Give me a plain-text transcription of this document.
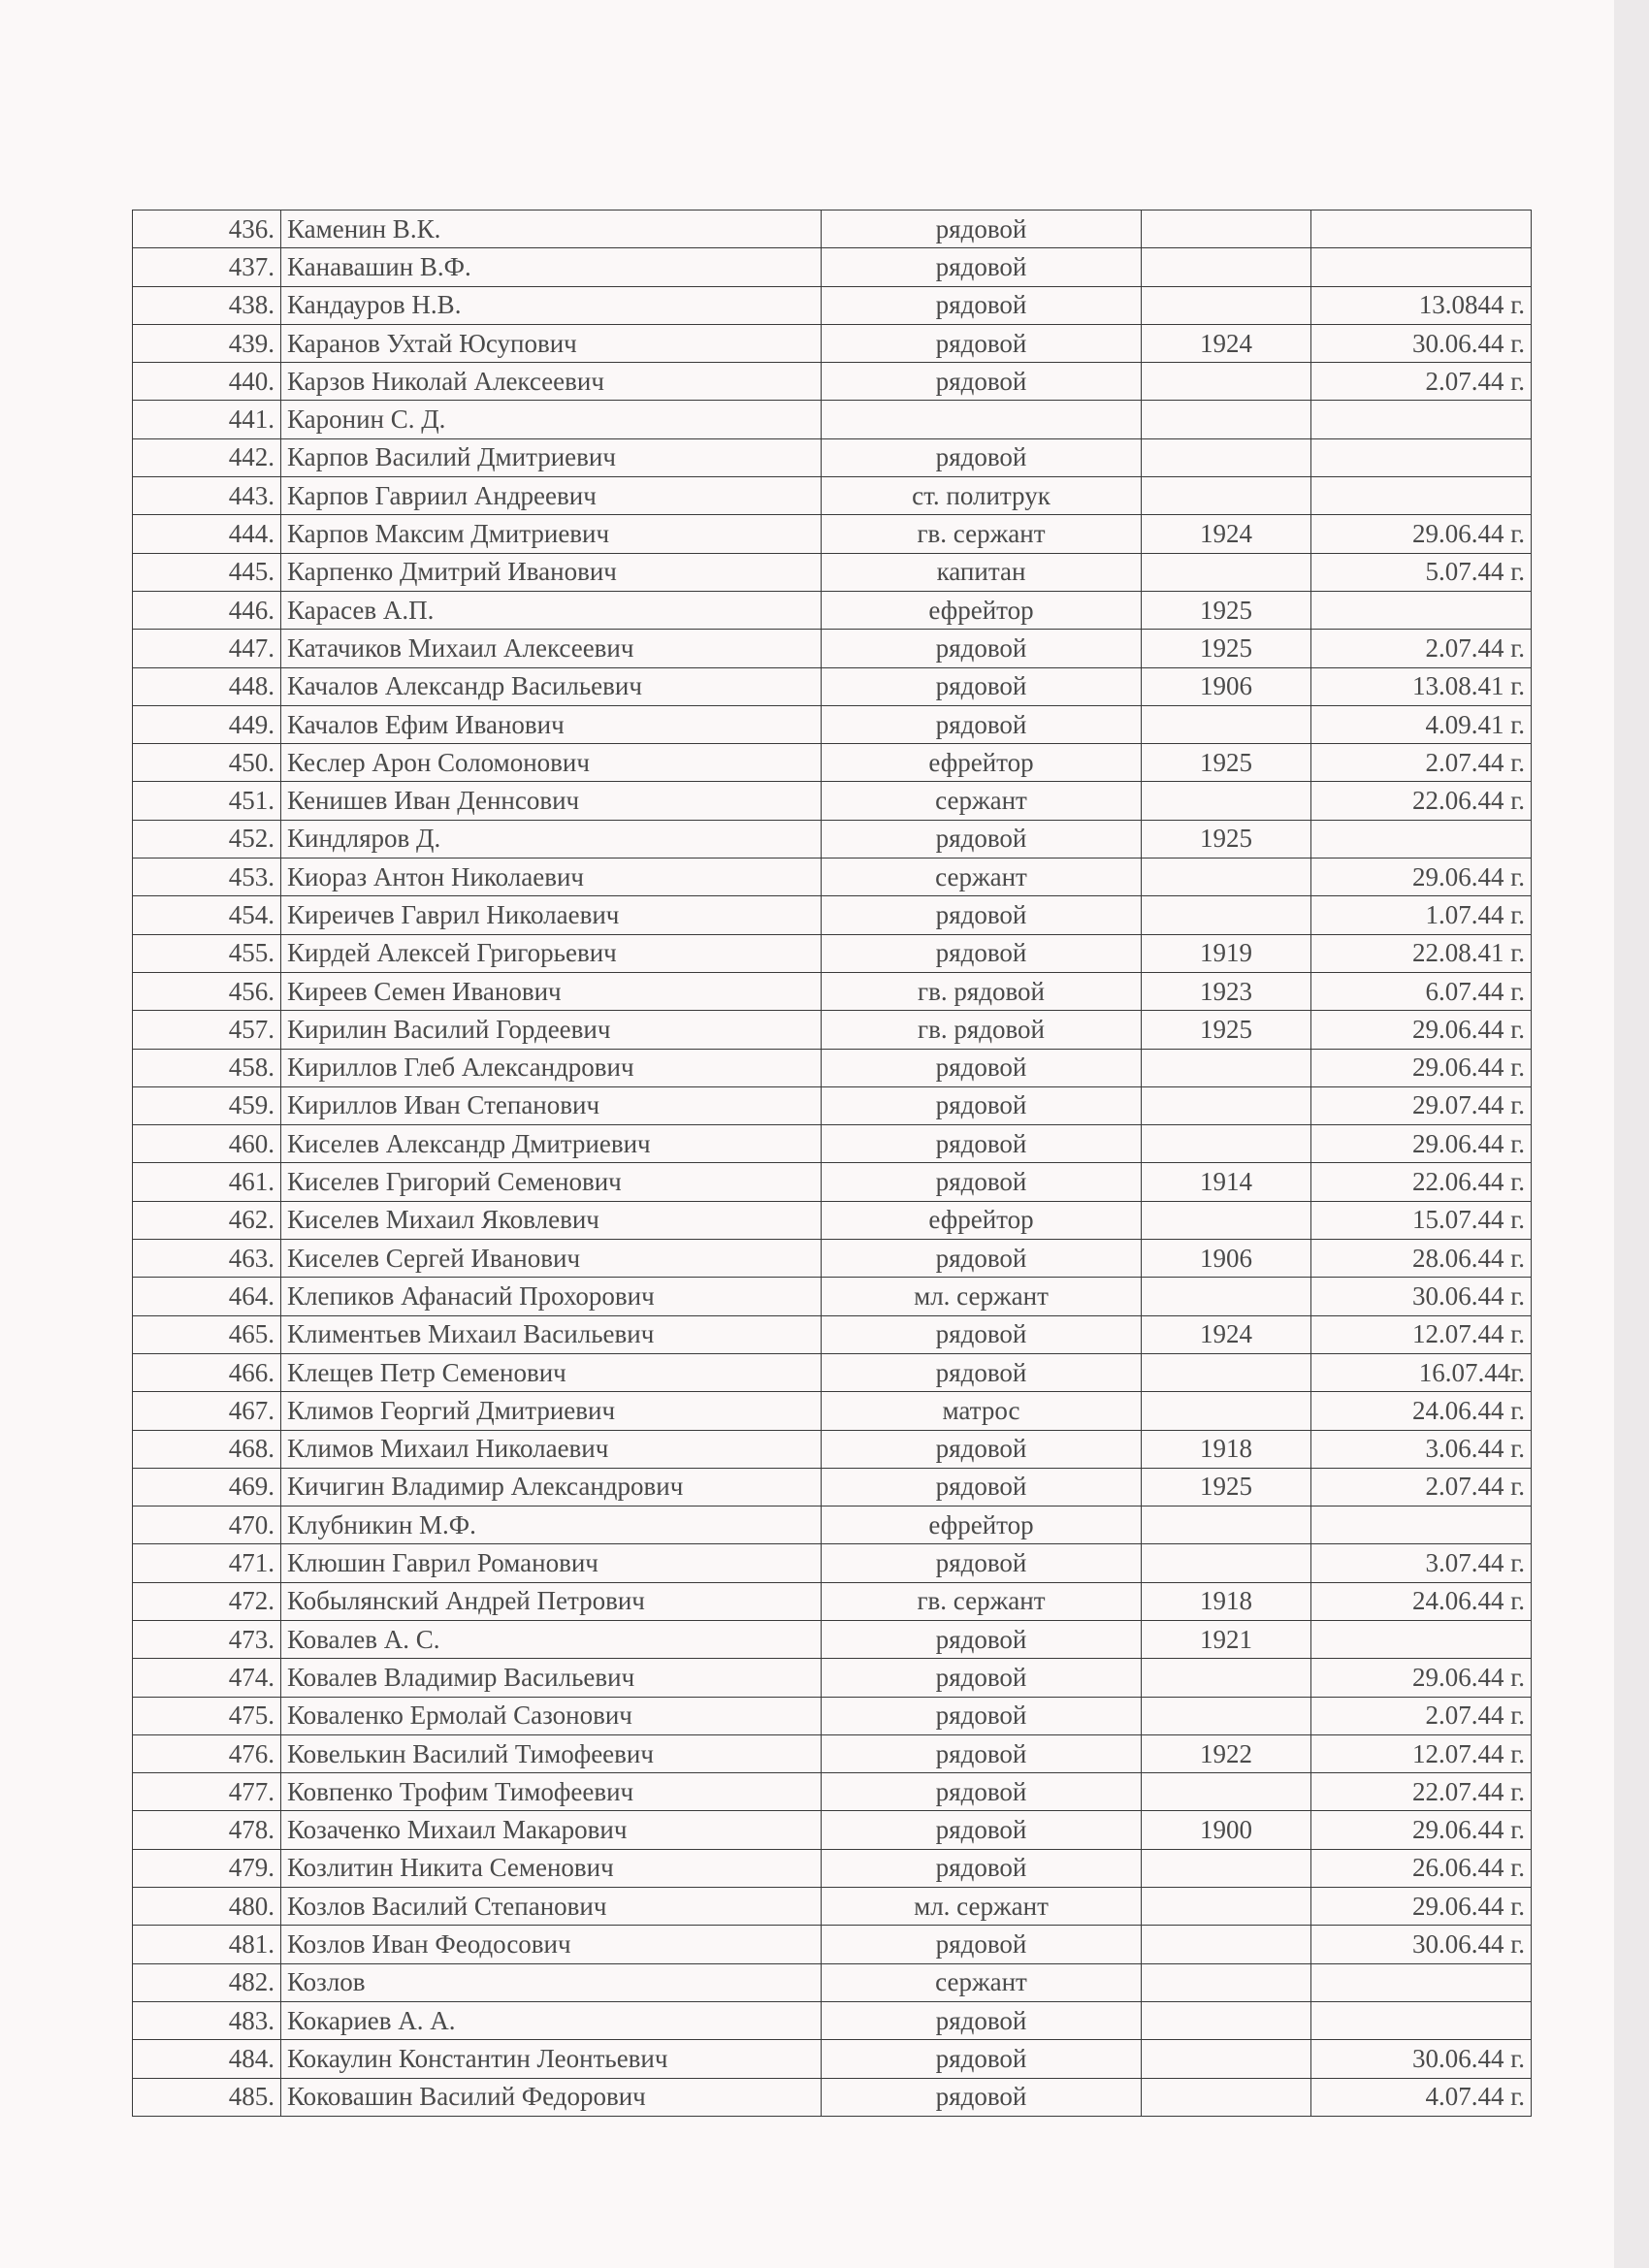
436.	Каменин В.К.	рядовой		
437.	Канавашин В.Ф.	рядовой		
438.	Кандауров Н.В.	рядовой		13.0844 г.
439.	Каранов Ухтай Юсупович	рядовой	1924	30.06.44 г.
440.	Карзов Николай Алексеевич	рядовой		2.07.44 г.
441.	Каронин С. Д.			
442.	Карпов Василий Дмитриевич	рядовой		
443.	Карпов Гавриил Андреевич	ст. политрук		
444.	Карпов Максим Дмитриевич	гв. сержант	1924	29.06.44 г.
445.	Карпенко Дмитрий Иванович	капитан		5.07.44 г.
446.	Карасев А.П.	ефрейтор	1925	
447.	Катачиков Михаил Алексеевич	рядовой	1925	2.07.44 г.
448.	Качалов Александр Васильевич	рядовой	1906	13.08.41 г.
449.	Качалов Ефим Иванович	рядовой		4.09.41 г.
450.	Кеслер Арон Соломонович	ефрейтор	1925	2.07.44 г.
451.	Кенишев Иван Деннсович	сержант		22.06.44 г.
452.	Киндляров Д.	рядовой	1925	
453.	Киораз Антон Николаевич	сержант		29.06.44 г.
454.	Киреичев Гаврил Николаевич	рядовой		1.07.44 г.
455.	Кирдей Алексей Григорьевич	рядовой	1919	22.08.41 г.
456.	Киреев Семен Иванович	гв. рядовой	1923	6.07.44 г.
457.	Кирилин Василий Гордеевич	гв. рядовой	1925	29.06.44 г.
458.	Кириллов Глеб Александрович	рядовой		29.06.44 г.
459.	Кириллов Иван Степанович	рядовой		29.07.44 г.
460.	Киселев Александр Дмитриевич	рядовой		29.06.44 г.
461.	Киселев Григорий Семенович	рядовой	1914	22.06.44 г.
462.	Киселев Михаил Яковлевич	ефрейтор		15.07.44 г.
463.	Киселев Сергей Иванович	рядовой	1906	28.06.44 г.
464.	Клепиков Афанасий Прохорович	мл. сержант		30.06.44 г.
465.	Климентьев Михаил Васильевич	рядовой	1924	12.07.44 г.
466.	Клещев Петр Семенович	рядовой		16.07.44г.
467.	Климов Георгий Дмитриевич	матрос		24.06.44 г.
468.	Климов Михаил Николаевич	рядовой	1918	3.06.44 г.
469.	Кичигин Владимир Александрович	рядовой	1925	2.07.44 г.
470.	Клубникин М.Ф.	ефрейтор		
471.	Клюшин Гаврил Романович	рядовой		3.07.44 г.
472.	Кобылянский Андрей Петрович	гв. сержант	1918	24.06.44 г.
473.	Ковалев А. С.	рядовой	1921	
474.	Ковалев Владимир Васильевич	рядовой		29.06.44 г.
475.	Коваленко Ермолай Сазонович	рядовой		2.07.44 г.
476.	Ковелькин Василий Тимофеевич	рядовой	1922	12.07.44 г.
477.	Ковпенко Трофим Тимофеевич	рядовой		22.07.44 г.
478.	Козаченко Михаил Макарович	рядовой	1900	29.06.44 г.
479.	Козлитин Никита Семенович	рядовой		26.06.44 г.
480.	Козлов Василий Степанович	мл. сержант		29.06.44 г.
481.	Козлов Иван Феодосович	рядовой		30.06.44 г.
482.	Козлов	сержант		
483.	Кокариев А. А.	рядовой		
484.	Кокаулин Константин Леонтьевич	рядовой		30.06.44 г.
485.	Коковашин Василий Федорович	рядовой		4.07.44 г.
